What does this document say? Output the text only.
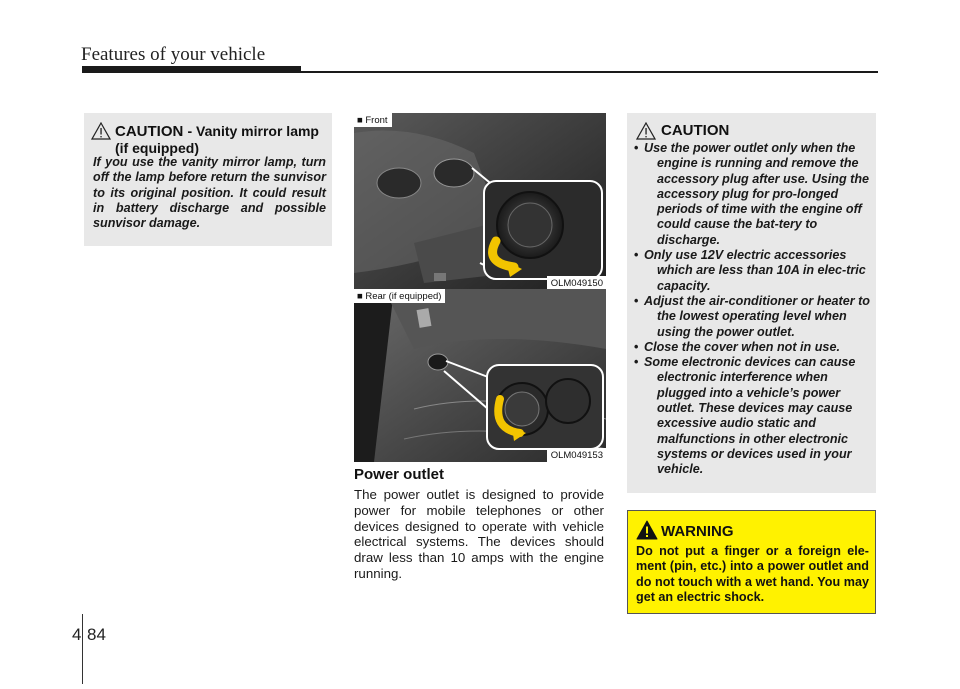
Features of your vehicle
CAUTION - Vanity mirror lamp (if equipped)
If you use the vanity mirror lamp, turn off the lamp before return the sunvisor to its original position. It could result in battery discharge and possible sunvisor damage.
■ Front
OLM049150
■ Rear (if equipped)
OLM049153
Power outlet
The power outlet is designed to provide power for mobile telephones or other devices designed to operate with vehicle electrical systems. The devices should draw less than 10 amps with the engine running.
CAUTION
• Use the power outlet only when the engine is running and remove the accessory plug after use. Using the accessory plug for pro-longed periods of time with the engine off could cause the bat-tery to discharge.
• Only use 12V electric accessories which are less than 10A in elec-tric capacity.
• Adjust the air-conditioner or heater to the lowest operating level when using the power outlet.
• Close the cover when not in use.
• Some electronic devices can cause electronic interference when plugged into a vehicle’s power outlet. These devices may cause excessive audio static and malfunctions in other electronic systems or devices used in your vehicle.
WARNING
Do not put a finger or a foreign ele-ment (pin, etc.) into a power outlet and do not touch with a wet hand. You may get an electric shock.
4 84
